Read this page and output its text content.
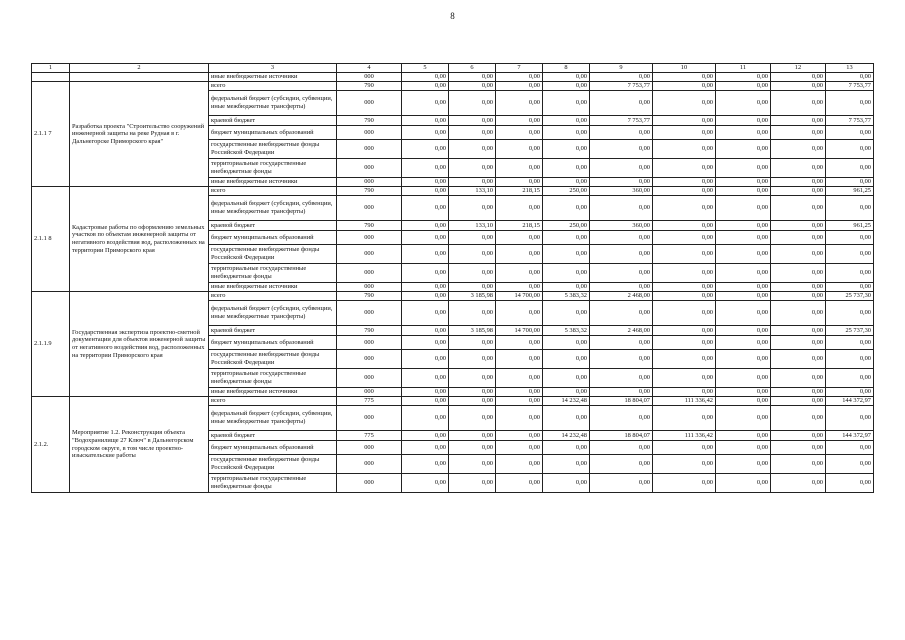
8
1	2	3	4	5	6	7	8	9	10	11	12	13
		иные внебюджетные источники	000	0,00	0,00	0,00	0,00	0,00	0,00	0,00	0,00	0,00
2.1.1 7	Разработка проекта "Строительство сооружений инженерной защиты на реке Рудная в г. Дальнегорске Приморского края"	всего	790	0,00	0,00	0,00	0,00	7 753,77	0,00	0,00	0,00	7 753,77
		федеральный бюджет (субсидии, субвенции, иные межбюджетные трансферты)	000	0,00	0,00	0,00	0,00	0,00	0,00	0,00	0,00	0,00
		краевой бюджет	790	0,00	0,00	0,00	0,00	7 753,77	0,00	0,00	0,00	7 753,77
		бюджет муниципальных образований	000	0,00	0,00	0,00	0,00	0,00	0,00	0,00	0,00	0,00
		государственные внебюджетные фонды Российской Федерации	000	0,00	0,00	0,00	0,00	0,00	0,00	0,00	0,00	0,00
		территориальные государственные внебюджетные фонды	000	0,00	0,00	0,00	0,00	0,00	0,00	0,00	0,00	0,00
		иные внебюджетные источники	000	0,00	0,00	0,00	0,00	0,00	0,00	0,00	0,00	0,00
2.1.1 8	Кадастровые работы по оформлению земельных участков по объектам инженерной защиты от негативного воздействия вод, расположенных на территории Приморского края	всего	790	0,00	133,10	218,15	250,00	360,00	0,00	0,00	0,00	961,25
		федеральный бюджет (субсидии, субвенции, иные межбюджетные трансферты)	000	0,00	0,00	0,00	0,00	0,00	0,00	0,00	0,00	0,00
		краевой бюджет	790	0,00	133,10	218,15	250,00	360,00	0,00	0,00	0,00	961,25
		бюджет муниципальных образований	000	0,00	0,00	0,00	0,00	0,00	0,00	0,00	0,00	0,00
		государственные внебюджетные фонды Российской Федерации	000	0,00	0,00	0,00	0,00	0,00	0,00	0,00	0,00	0,00
		территориальные государственные внебюджетные фонды	000	0,00	0,00	0,00	0,00	0,00	0,00	0,00	0,00	0,00
		иные внебюджетные источники	000	0,00	0,00	0,00	0,00	0,00	0,00	0,00	0,00	0,00
2.1.1.9	Государственная экспертиза проектно-сметной документации для объектов инженерной защиты от негативного воздействия вод, расположенных на территории Приморского края	всего	790	0,00	3 185,98	14 700,00	5 383,32	2 468,00	0,00	0,00	0,00	25 737,30
		федеральный бюджет (субсидии, субвенции, иные межбюджетные трансферты)	000	0,00	0,00	0,00	0,00	0,00	0,00	0,00	0,00	0,00
		краевой бюджет	790	0,00	3 185,98	14 700,00	5 383,32	2 468,00	0,00	0,00	0,00	25 737,30
		бюджет муниципальных образований	000	0,00	0,00	0,00	0,00	0,00	0,00	0,00	0,00	0,00
		государственные внебюджетные фонды Российской Федерации	000	0,00	0,00	0,00	0,00	0,00	0,00	0,00	0,00	0,00
		территориальные государственные внебюджетные фонды	000	0,00	0,00	0,00	0,00	0,00	0,00	0,00	0,00	0,00
		иные внебюджетные источники	000	0,00	0,00	0,00	0,00	0,00	0,00	0,00	0,00	0,00
2.1.2.	Мероприятие 1.2. Реконструкция объекта "Водохранилище 27 Ключ" в Дальнегорском городском округе, в том числе проектно-изыскательские работы	всего	775	0,00	0,00	0,00	14 232,48	18 804,07	111 336,42	0,00	0,00	144 372,97
		федеральный бюджет (субсидии, субвенции, иные межбюджетные трансферты)	000	0,00	0,00	0,00	0,00	0,00	0,00	0,00	0,00	0,00
		краевой бюджет	775	0,00	0,00	0,00	14 232,48	18 804,07	111 336,42	0,00	0,00	144 372,97
		бюджет муниципальных образований	000	0,00	0,00	0,00	0,00	0,00	0,00	0,00	0,00	0,00
		государственные внебюджетные фонды Российской Федерации	000	0,00	0,00	0,00	0,00	0,00	0,00	0,00	0,00	0,00
		территориальные государственные внебюджетные фонды	000	0,00	0,00	0,00	0,00	0,00	0,00	0,00	0,00	0,00
